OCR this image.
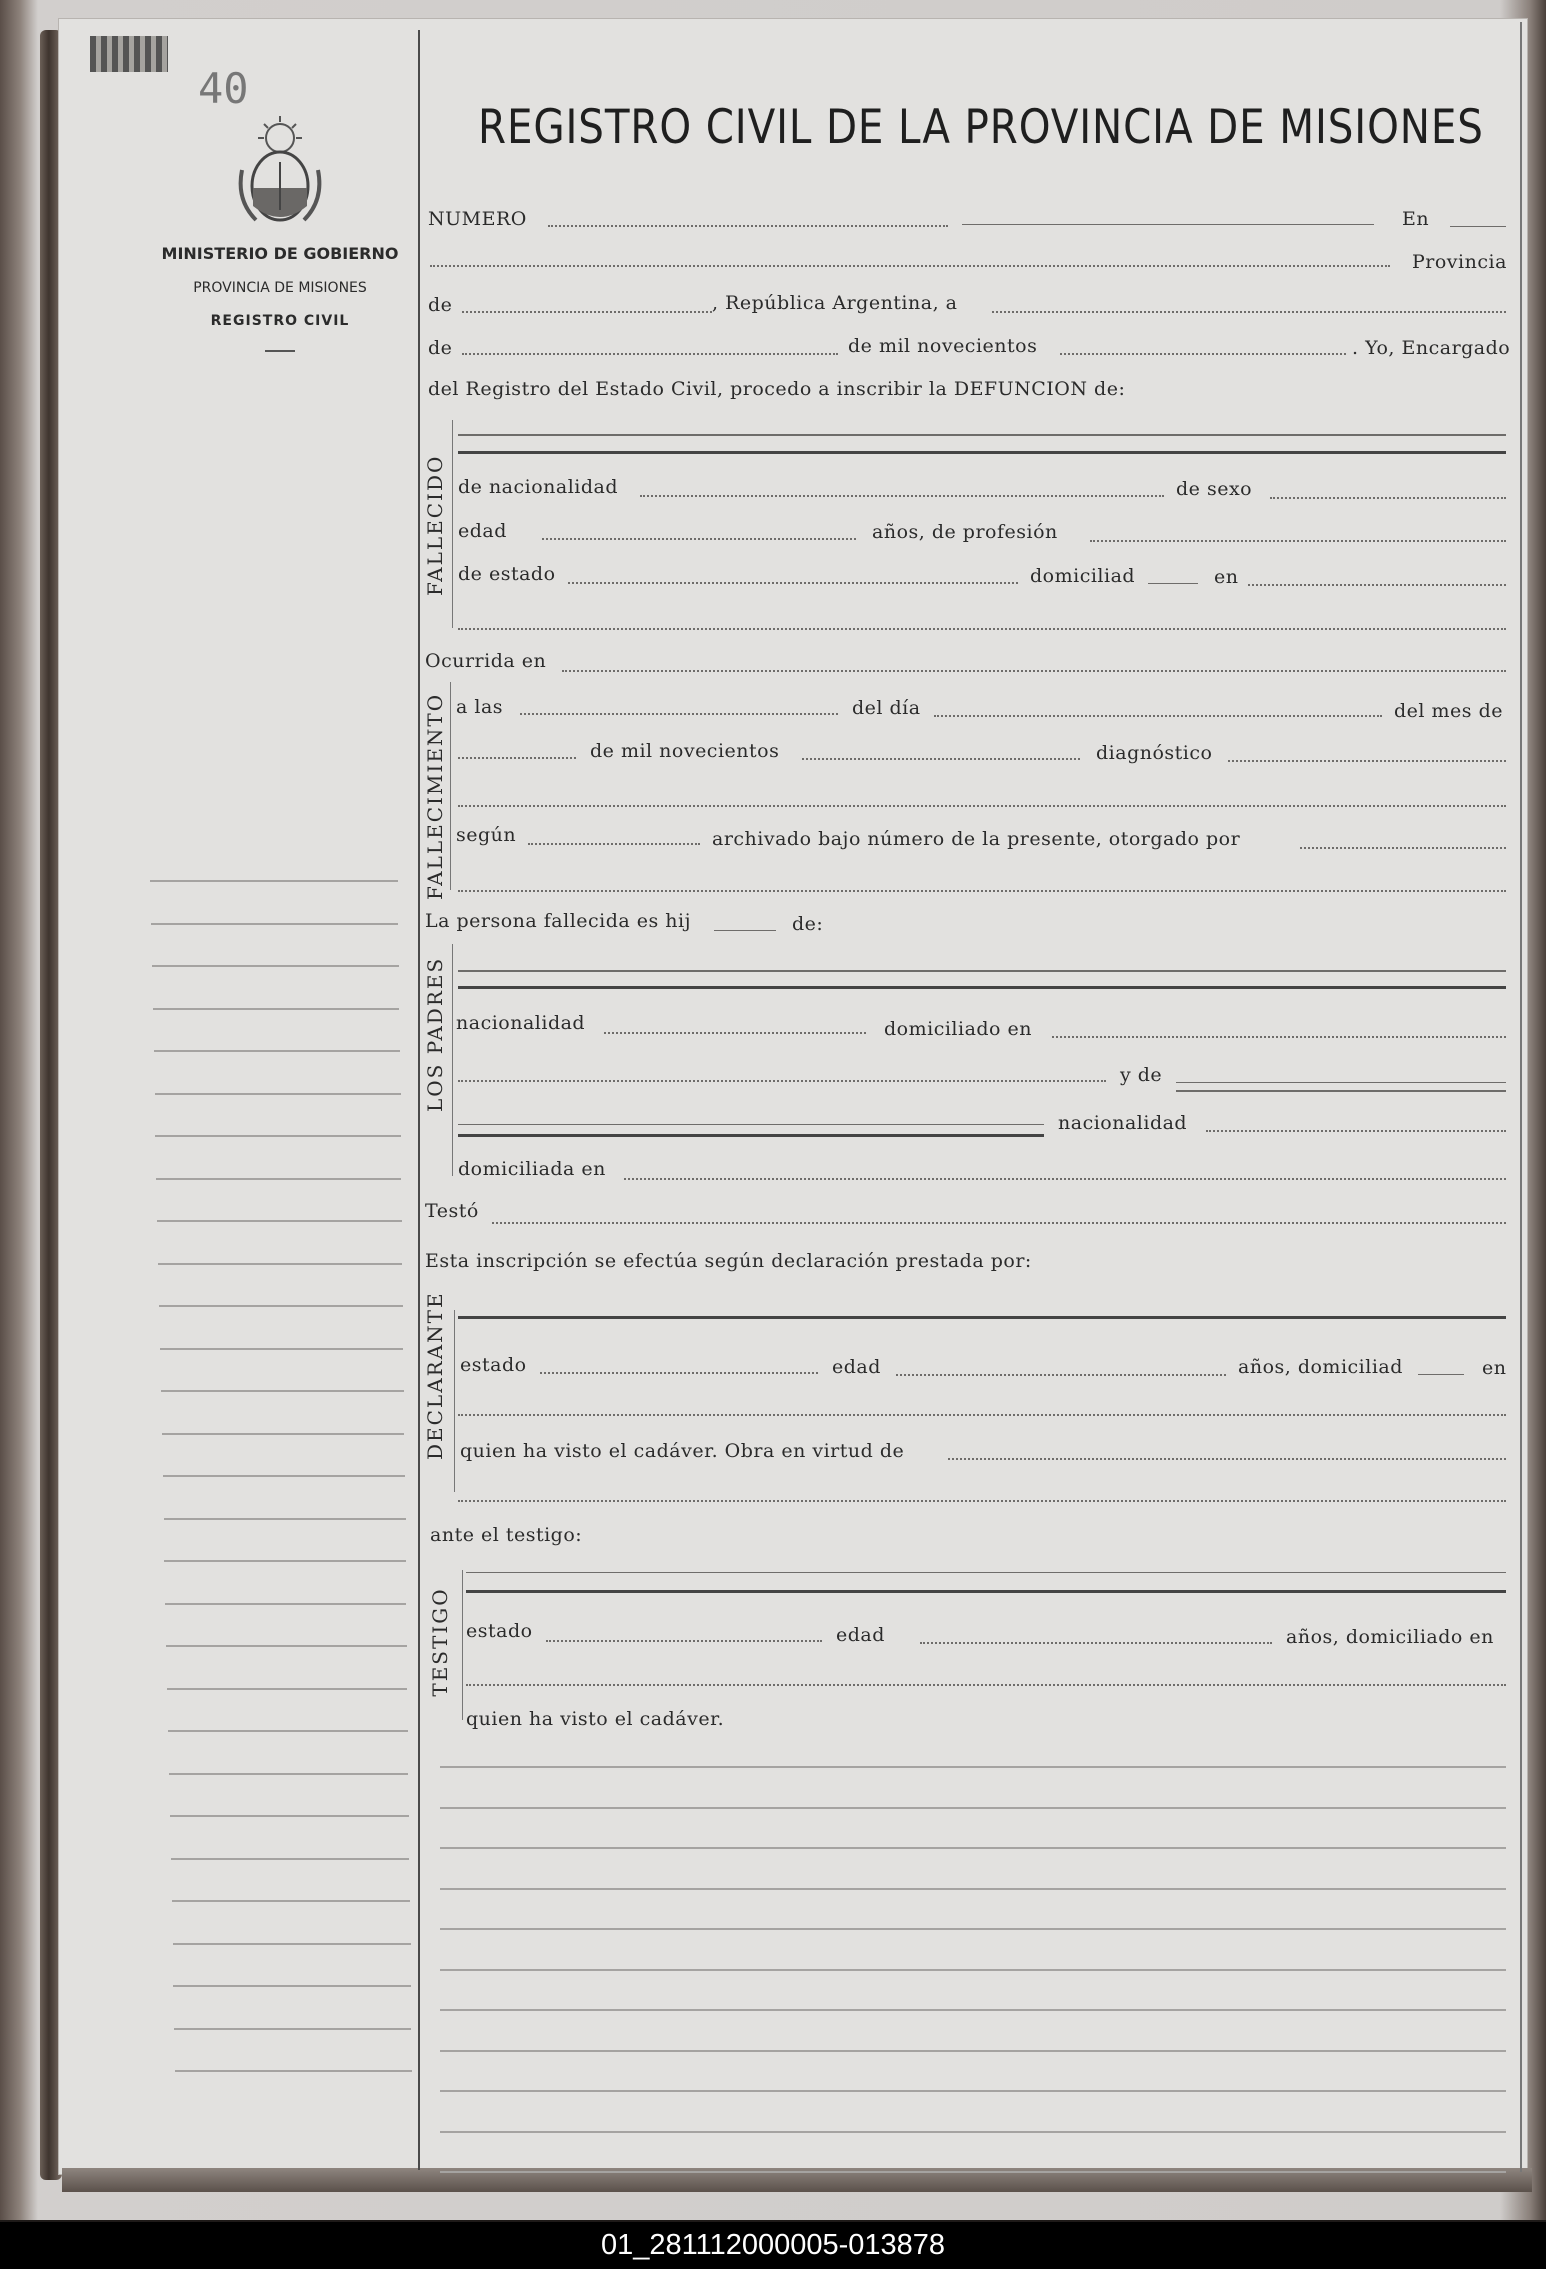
40
MINISTERIO DE GOBIERNO
PROVINCIA DE MISIONES
REGISTRO CIVIL
REGISTRO CIVIL DE LA PROVINCIA DE MISIONES
NUMERO	En
Provincia
de	, República Argentina, a
de	de mil novecientos	. Yo, Encargado
del Registro del Estado Civil, procedo a inscribir la DEFUNCION de:
FALLECIDO de nacionalidad	de sexo
edad	años, de profesión
de estado	domiciliad	en
Ocurrida en
FALLECIMIENTO a las	del día	del mes de
de mil novecientos	diagnóstico
según	archivado bajo número de la presente, otorgado por
La persona fallecida es hij	de:
LOS PADRES nacionalidad	domiciliado en
y de
nacionalidad
domiciliada en
Testó
Esta inscripción se efectúa según declaración prestada por:
DECLARANTE estado	edad	años, domiciliad	en
quien ha visto el cadáver. Obra en virtud de
ante el testigo:
TESTIGO estado	edad	años, domiciliado en
quien ha visto el cadáver.
01_281112000005-013878
